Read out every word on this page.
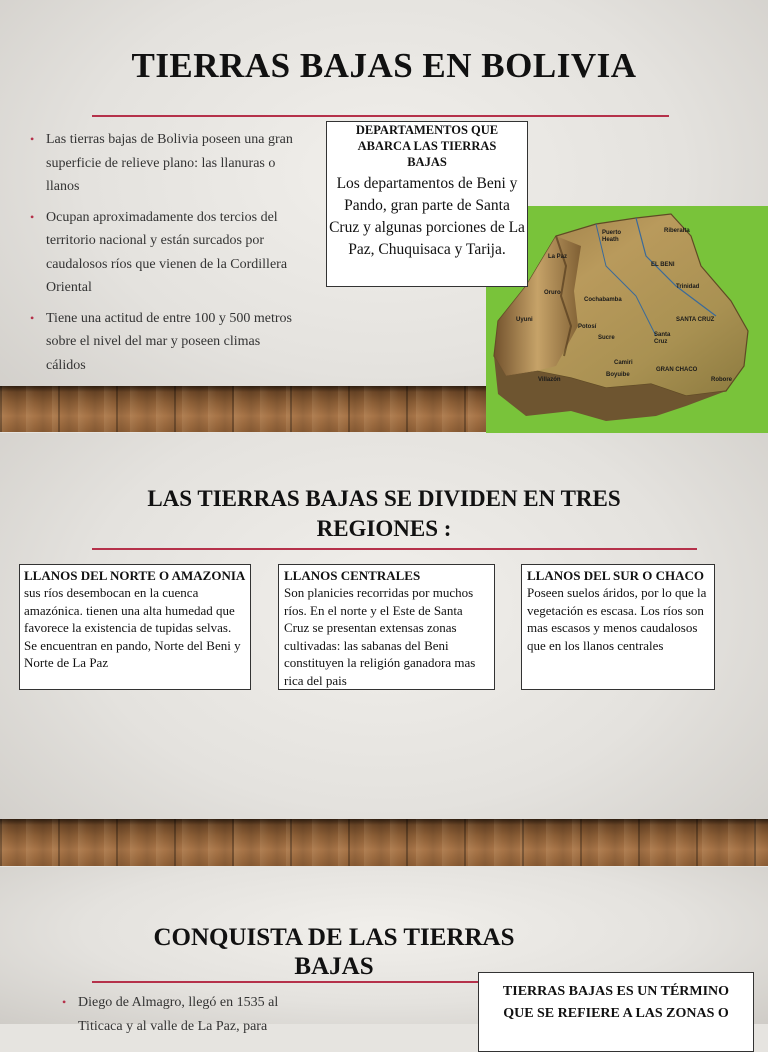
TIERRAS BAJAS EN BOLIVIA
• Las tierras bajas de Bolivia poseen una gran superficie de relieve plano: las llanuras o llanos
• Ocupan aproximadamente dos tercios del territorio nacional y están surcados por caudalosos ríos que vienen de la Cordillera Oriental
• Tiene una actitud de entre 100 y 500 metros sobre el nivel del mar y poseen climas cálidos
Puerto
Heath
Riberalta
EL BENI
Trinidad
La Paz
Oruro
Cochabamba
Potosí
Sucre
SANTA CRUZ
Santa
Cruz
Uyuni
GRAN CHACO
Boyuibe
Camiri
Villazón	Robore
DEPARTAMENTOS QUE ABARCA LAS TIERRAS BAJAS
Los departamentos de Beni y Pando, gran parte de Santa Cruz y algunas porciones de La Paz, Chuquisaca y Tarija.
LAS TIERRAS BAJAS SE DIVIDEN EN TRES
REGIONES :
LLANOS DEL NORTE O AMAZONIA
sus ríos desembocan en la cuenca amazónica. tienen una alta humedad que favorece la existencia de tupidas selvas. Se encuentran en pando, Norte del Beni y Norte de La Paz
LLANOS CENTRALES
Son planicies recorridas por muchos ríos. En el norte y el Este de Santa Cruz se presentan extensas zonas cultivadas: las sabanas del Beni constituyen la religión ganadora mas rica del pais
LLANOS DEL SUR O CHACO
Poseen suelos áridos, por lo que la vegetación es escasa. Los ríos son mas escasos y menos caudalosos que en los llanos centrales
CONQUISTA DE LAS TIERRAS
BAJAS
• Diego de Almagro, llegó en 1535 al Titicaca y al valle de La Paz, para
TIERRAS BAJAS ES UN TÉRMINO
QUE SE REFIERE A LAS ZONAS O
